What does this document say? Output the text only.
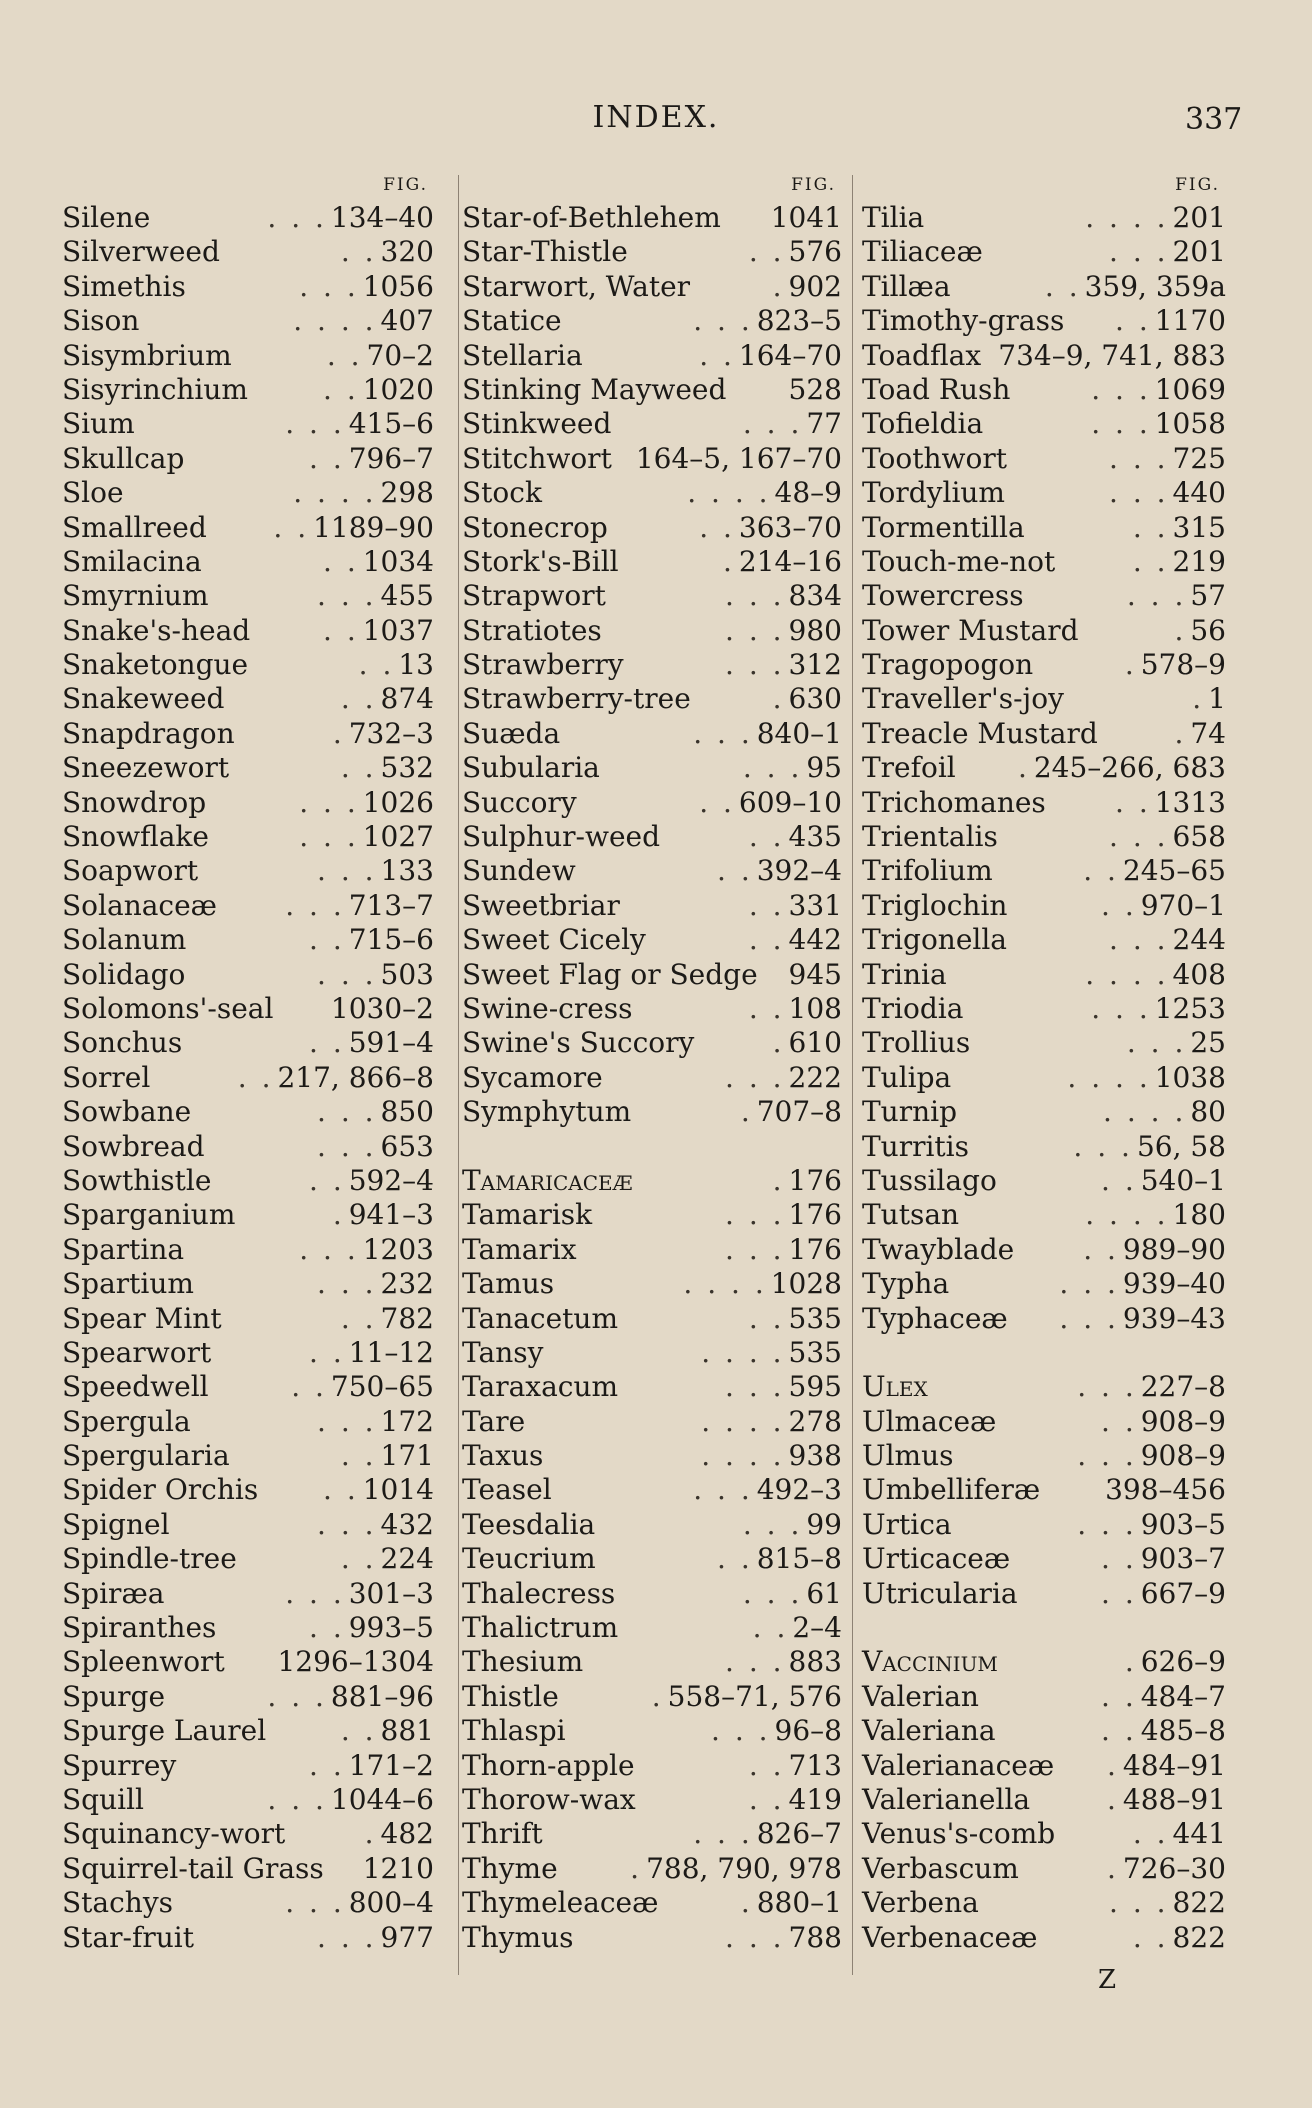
INDEX.	337
FIG.
Silene	. . . 134–40
Silverweed	. . 320
Simethis	. . . 1056
Sison	. . . . 407
Sisymbrium	. . 70–2
Sisyrinchium	. . 1020
Sium	. . . 415–6
Skullcap	. . 796–7
Sloe	. . . . 298
Smallreed	. . 1189–90
Smilacina	. . 1034
Smyrnium	. . . 455
Snake's-head	. . 1037
Snaketongue	. . 13
Snakeweed	. . 874
Snapdragon	. 732–3
Sneezewort	. . 532
Snowdrop	. . . 1026
Snowflake	. . . 1027
Soapwort	. . . 133
Solanaceæ	. . . 713–7
Solanum	. . 715–6
Solidago	. . . 503
Solomons'-seal 1030–2
Sonchus	. . 591–4
Sorrel	. . 217, 866–8
Sowbane	. . . 850
Sowbread	. . . 653
Sowthistle	. . 592–4
Sparganium	. 941–3
Spartina	. . . 1203
Spartium	. . . 232
Spear Mint	. . 782
Spearwort	. . 11–12
Speedwell	. . 750–65
Spergula	. . . 172
Spergularia	. . 171
Spider Orchis	. . 1014
Spignel	. . . 432
Spindle-tree	. . 224
Spiræa	. . . 301–3
Spiranthes	. . 993–5
Spleenwort 1296–1304
Spurge	. . . 881–96
Spurge Laurel	. . 881
Spurrey	. . 171–2
Squill	. . . 1044–6
Squinancy-wort	. 482
Squirrel-tail Grass 1210
Stachys	. . . 800–4
Star-fruit	. . . 977
FIG.
Star-of-Bethlehem 1041
Star-Thistle	. . 576
Starwort, Water	. 902
Statice	. . . 823–5
Stellaria	. . 164–70
Stinking Mayweed 528
Stinkweed	. . . 77
Stitchwort 164–5, 167–70
Stock	. . . . 48–9
Stonecrop	. . 363–70
Stork's-Bill	. 214–16
Strapwort	. . . 834
Stratiotes	. . . 980
Strawberry	. . . 312
Strawberry-tree	. 630
Suæda	. . . 840–1
Subularia	. . . 95
Succory	. . 609–10
Sulphur-weed	. . 435
Sundew	. . 392–4
Sweetbriar	. . 331
Sweet Cicely	. . 442
Sweet Flag or Sedge 945
Swine-cress	. . 108
Swine's Succory	. 610
Sycamore	. . . 222
Symphytum	. 707–8
Tamaricaceæ	. 176
Tamarisk	. . . 176
Tamarix	. . . 176
Tamus	. . . . 1028
Tanacetum	. . 535
Tansy	. . . . 535
Taraxacum	. . . 595
Tare	. . . . 278
Taxus	. . . . 938
Teasel	. . . 492–3
Teesdalia	. . . 99
Teucrium	. . 815–8
Thalecress	. . . 61
Thalictrum	. . 2–4
Thesium	. . . 883
Thistle	. 558–71, 576
Thlaspi	. . . 96–8
Thorn-apple	. . 713
Thorow-wax	. . 419
Thrift	. . . 826–7
Thyme	. 788, 790, 978
Thymeleaceæ	. 880–1
Thymus	. . . 788
FIG.
Tilia	. . . . 201
Tiliaceæ	. . . 201
Tillæa	. . 359, 359a
Timothy-grass	. . 1170
Toadflax 734–9, 741, 883
Toad Rush	. . . 1069
Tofieldia	. . . 1058
Toothwort	. . . 725
Tordylium	. . . 440
Tormentilla	. . 315
Touch-me-not	. . 219
Towercress	. . . 57
Tower Mustard	. 56
Tragopogon	. 578–9
Traveller's-joy	. 1
Treacle Mustard	. 74
Trefoil	. 245–266, 683
Trichomanes	. . 1313
Trientalis	. . . 658
Trifolium	. . 245–65
Triglochin	. . 970–1
Trigonella	. . . 244
Trinia	. . . . 408
Triodia	. . . 1253
Trollius	. . . 25
Tulipa	. . . . 1038
Turnip	. . . . 80
Turritis	. . . 56, 58
Tussilago	. . 540–1
Tutsan	. . . . 180
Twayblade	. . 989–90
Typha	. . . 939–40
Typhaceæ	. . . 939–43
Ulex	. . . 227–8
Ulmaceæ	. . 908–9
Ulmus	. . . 908–9
Umbelliferæ 398–456
Urtica	. . . 903–5
Urticaceæ	. . 903–7
Utricularia	. . 667–9
Vaccinium	. 626–9
Valerian	. . 484–7
Valeriana	. . 485–8
Valerianaceæ	. 484–91
Valerianella	. 488–91
Venus's-comb	. . 441
Verbascum	. 726–30
Verbena	. . . 822
Verbenaceæ	. . 822
Z
